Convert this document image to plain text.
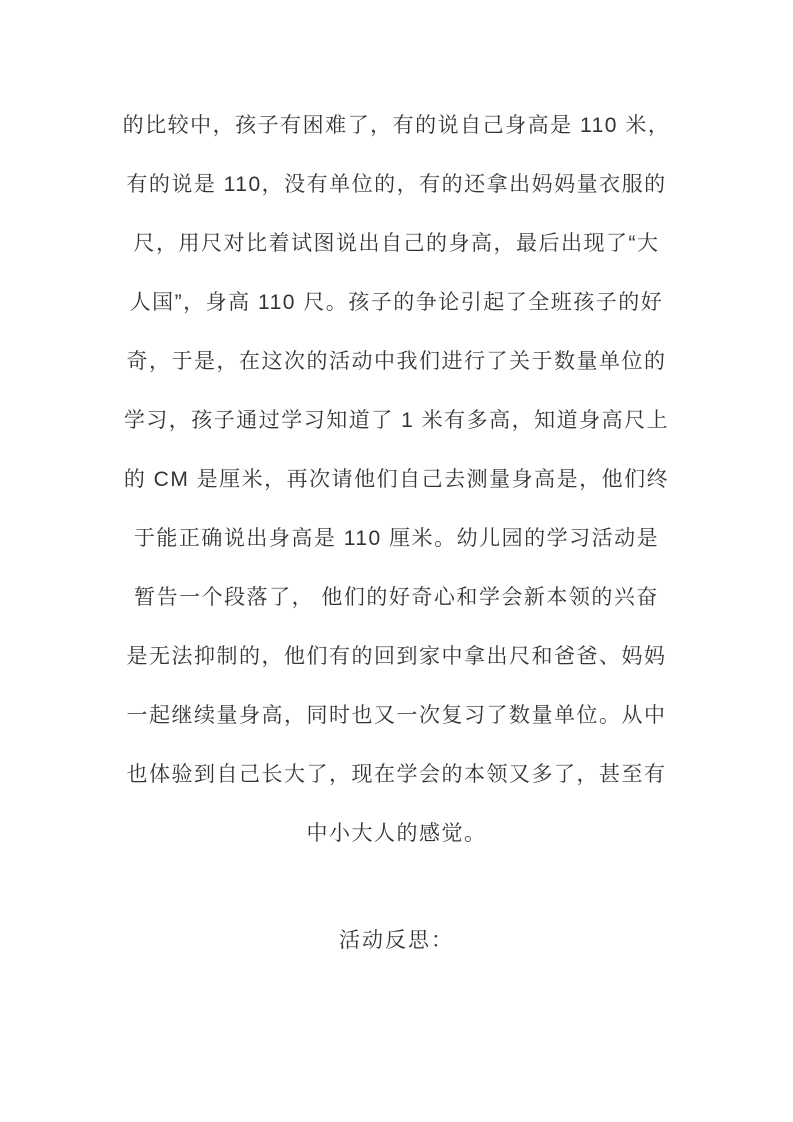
的比较中，孩子有困难了，有的说自己身高是 110 米，
有的说是 110，没有单位的，有的还拿出妈妈量衣服的
尺，用尺对比着试图说出自己的身高，最后出现了“大
人国”，身高 110 尺。孩子的争论引起了全班孩子的好
奇，于是，在这次的活动中我们进行了关于数量单位的
学习，孩子通过学习知道了 1 米有多高，知道身高尺上
的 CM 是厘米，再次请他们自己去测量身高是，他们终
于能正确说出身高是 110 厘米。幼儿园的学习活动是
暂告一个段落了， 他们的好奇心和学会新本领的兴奋
是无法抑制的，他们有的回到家中拿出尺和爸爸、妈妈
一起继续量身高，同时也又一次复习了数量单位。从中
也体验到自己长大了，现在学会的本领又多了，甚至有
中小大人的感觉。
活动反思：
